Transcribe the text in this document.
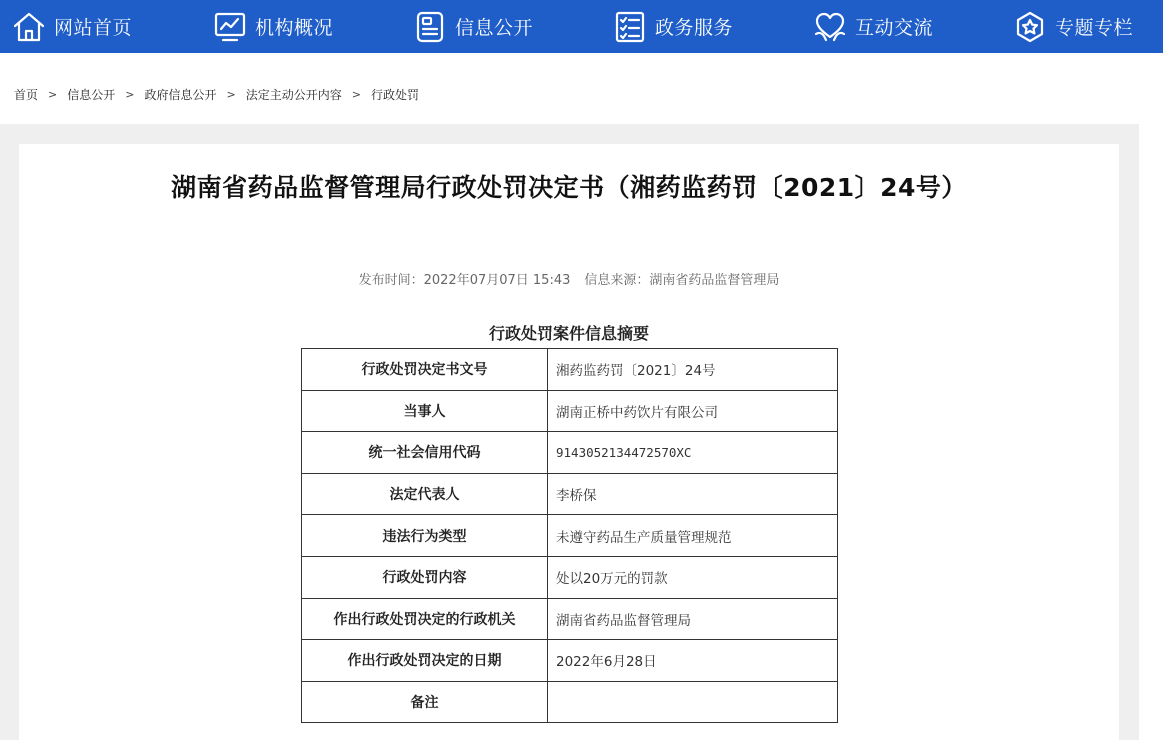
网站首页	机构概况	信息公开	政务服务	互动交流	专题专栏
首页 > 信息公开 > 政府信息公开 > 法定主动公开内容 > 行政处罚
湖南省药品监督管理局行政处罚决定书（湘药监药罚〔2021〕24号）
发布时间：2022年07月07日 15:43 信息来源：湖南省药品监督管理局
行政处罚案件信息摘要
行政处罚决定书文号	湘药监药罚〔2021〕24号
当事人	湖南正桥中药饮片有限公司
统一社会信用代码	9143052134472570XC
法定代表人	李桥保
违法行为类型	未遵守药品生产质量管理规范
行政处罚内容	处以20万元的罚款
作出行政处罚决定的行政机关	湖南省药品监督管理局
作出行政处罚决定的日期	2022年6月28日
备注	
